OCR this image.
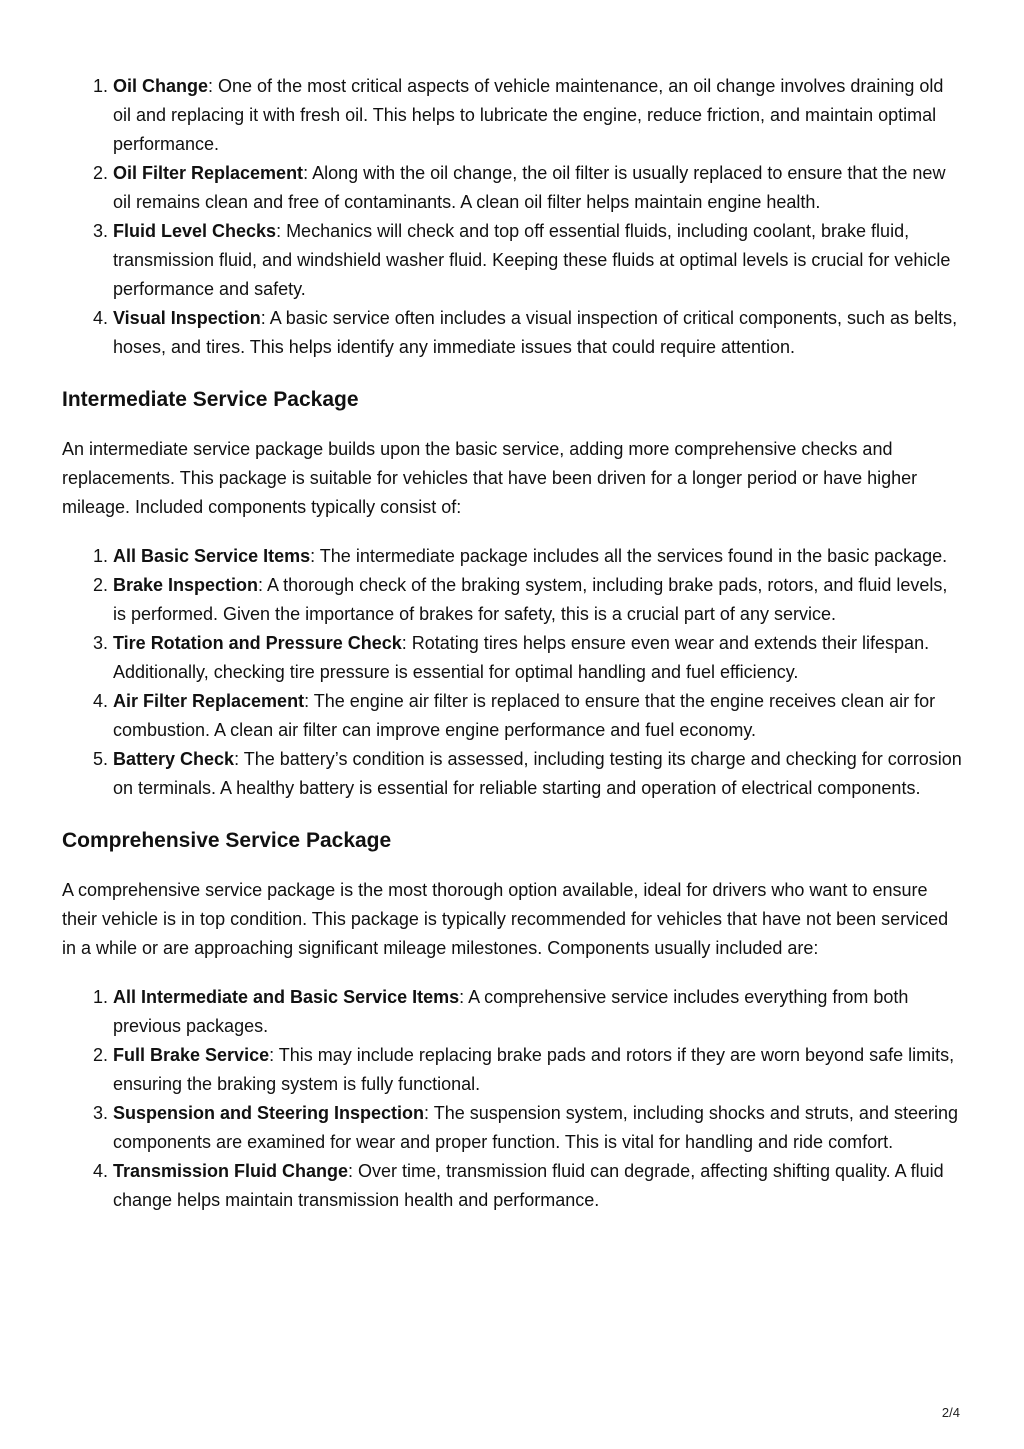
1. Oil Change: One of the most critical aspects of vehicle maintenance, an oil change involves draining old oil and replacing it with fresh oil. This helps to lubricate the engine, reduce friction, and maintain optimal performance.
2. Oil Filter Replacement: Along with the oil change, the oil filter is usually replaced to ensure that the new oil remains clean and free of contaminants. A clean oil filter helps maintain engine health.
3. Fluid Level Checks: Mechanics will check and top off essential fluids, including coolant, brake fluid, transmission fluid, and windshield washer fluid. Keeping these fluids at optimal levels is crucial for vehicle performance and safety.
4. Visual Inspection: A basic service often includes a visual inspection of critical components, such as belts, hoses, and tires. This helps identify any immediate issues that could require attention.
Intermediate Service Package

An intermediate service package builds upon the basic service, adding more comprehensive checks and replacements. This package is suitable for vehicles that have been driven for a longer period or have higher mileage. Included components typically consist of:

1. All Basic Service Items: The intermediate package includes all the services found in the basic package.
2. Brake Inspection: A thorough check of the braking system, including brake pads, rotors, and fluid levels, is performed. Given the importance of brakes for safety, this is a crucial part of any service.
3. Tire Rotation and Pressure Check: Rotating tires helps ensure even wear and extends their lifespan. Additionally, checking tire pressure is essential for optimal handling and fuel efficiency.
4. Air Filter Replacement: The engine air filter is replaced to ensure that the engine receives clean air for combustion. A clean air filter can improve engine performance and fuel economy.
5. Battery Check: The battery’s condition is assessed, including testing its charge and checking for corrosion on terminals. A healthy battery is essential for reliable starting and operation of electrical components.
Comprehensive Service Package

A comprehensive service package is the most thorough option available, ideal for drivers who want to ensure their vehicle is in top condition. This package is typically recommended for vehicles that have not been serviced in a while or are approaching significant mileage milestones. Components usually included are:

1. All Intermediate and Basic Service Items: A comprehensive service includes everything from both previous packages.
2. Full Brake Service: This may include replacing brake pads and rotors if they are worn beyond safe limits, ensuring the braking system is fully functional.
3. Suspension and Steering Inspection: The suspension system, including shocks and struts, and steering components are examined for wear and proper function. This is vital for handling and ride comfort.
4. Transmission Fluid Change: Over time, transmission fluid can degrade, affecting shifting quality. A fluid change helps maintain transmission health and performance.
2/4
